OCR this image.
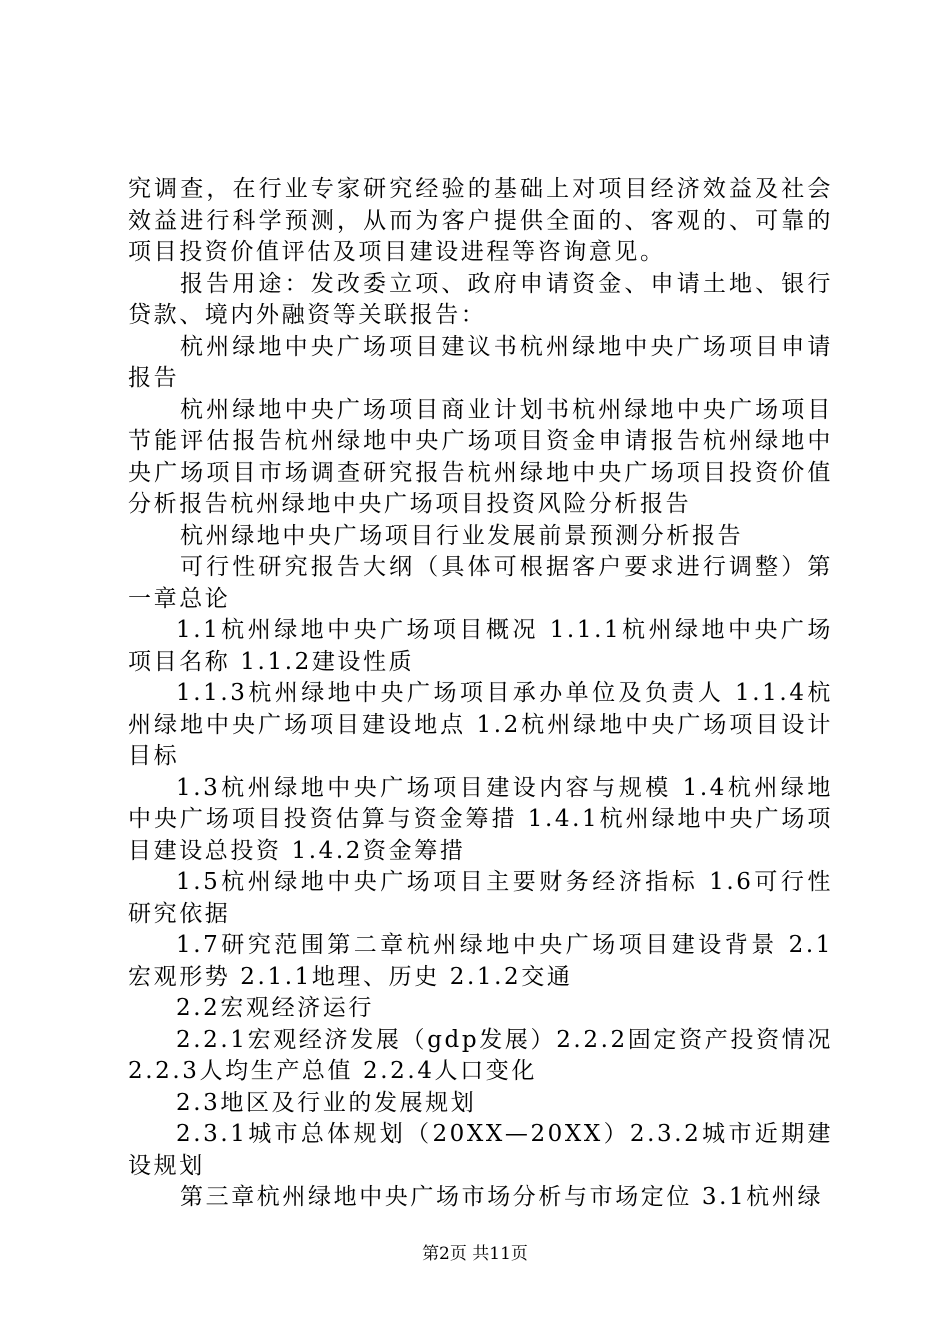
究调查，在行业专家研究经验的基础上对项目经济效益及社会效益进行科学预测，从而为客户提供全面的、客观的、可靠的项目投资价值评估及项目建设进程等咨询意见。

报告用途：发改委立项、政府申请资金、申请土地、银行贷款、境内外融资等关联报告：

杭州绿地中央广场项目建议书杭州绿地中央广场项目申请报告

杭州绿地中央广场项目商业计划书杭州绿地中央广场项目节能评估报告杭州绿地中央广场项目资金申请报告杭州绿地中央广场项目市场调查研究报告杭州绿地中央广场项目投资价值分析报告杭州绿地中央广场项目投资风险分析报告

杭州绿地中央广场项目行业发展前景预测分析报告

可行性研究报告大纲（具体可根据客户要求进行调整）第一章总论

1.1杭州绿地中央广场项目概况 1.1.1杭州绿地中央广场项目名称 1.1.2建设性质

1.1.3杭州绿地中央广场项目承办单位及负责人 1.1.4杭州绿地中央广场项目建设地点 1.2杭州绿地中央广场项目设计目标

1.3杭州绿地中央广场项目建设内容与规模 1.4杭州绿地中央广场项目投资估算与资金筹措 1.4.1杭州绿地中央广场项目建设总投资 1.4.2资金筹措

1.5杭州绿地中央广场项目主要财务经济指标 1.6可行性研究依据

1.7研究范围第二章杭州绿地中央广场项目建设背景 2.1宏观形势 2.1.1地理、历史 2.1.2交通

2.2宏观经济运行

2.2.1宏观经济发展（gdp发展）2.2.2固定资产投资情况 2.2.3人均生产总值 2.2.4人口变化

2.3地区及行业的发展规划

2.3.1城市总体规划（20XX—20XX）2.3.2城市近期建设规划

第三章杭州绿地中央广场市场分析与市场定位 3.1杭州绿

第2页 共11页
